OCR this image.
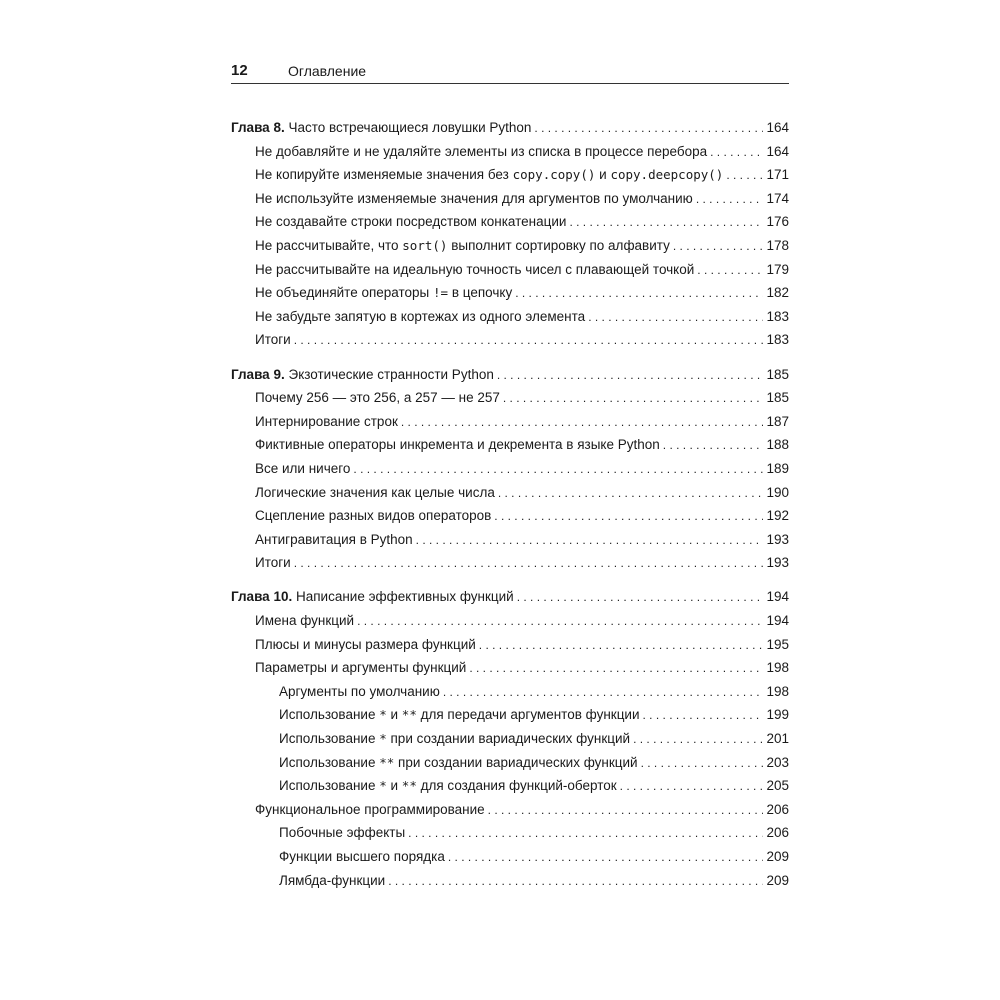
12	Оглавление
Глава 8. Часто встречающиеся ловушки Python . . .	164
Не добавляйте и не удаляйте элементы из списка в процессе перебора . . .	164
Не копируйте изменяемые значения без copy.copy() и copy.deepcopy() . . .	171
Не используйте изменяемые значения для аргументов по умолчанию . . .	174
Не создавайте строки посредством конкатенации . . .	176
Не рассчитывайте, что sort() выполнит сортировку по алфавиту . . .	178
Не рассчитывайте на идеальную точность чисел с плавающей точкой . . .	179
Не объединяйте операторы != в цепочку . . .	182
Не забудьте запятую в кортежах из одного элемента . . .	183
Итоги . . .	183
Глава 9. Экзотические странности Python . . .	185
Почему 256 — это 256, а 257 — не 257 . . .	185
Интернирование строк . . .	187
Фиктивные операторы инкремента и декремента в языке Python . . .	188
Все или ничего . . .	189
Логические значения как целые числа . . .	190
Сцепление разных видов операторов . . .	192
Антигравитация в Python . . .	193
Итоги . . .	193
Глава 10. Написание эффективных функций . . .	194
Имена функций . . .	194
Плюсы и минусы размера функций . . .	195
Параметры и аргументы функций . . .	198
Аргументы по умолчанию . . .	198
Использование * и ** для передачи аргументов функции . . .	199
Использование * при создании вариадических функций . . .	201
Использование ** при создании вариадических функций . . .	203
Использование * и ** для создания функций-оберток . . .	205
Функциональное программирование . . .	206
Побочные эффекты . . .	206
Функции высшего порядка . . .	209
Лямбда-функции . . .	209
